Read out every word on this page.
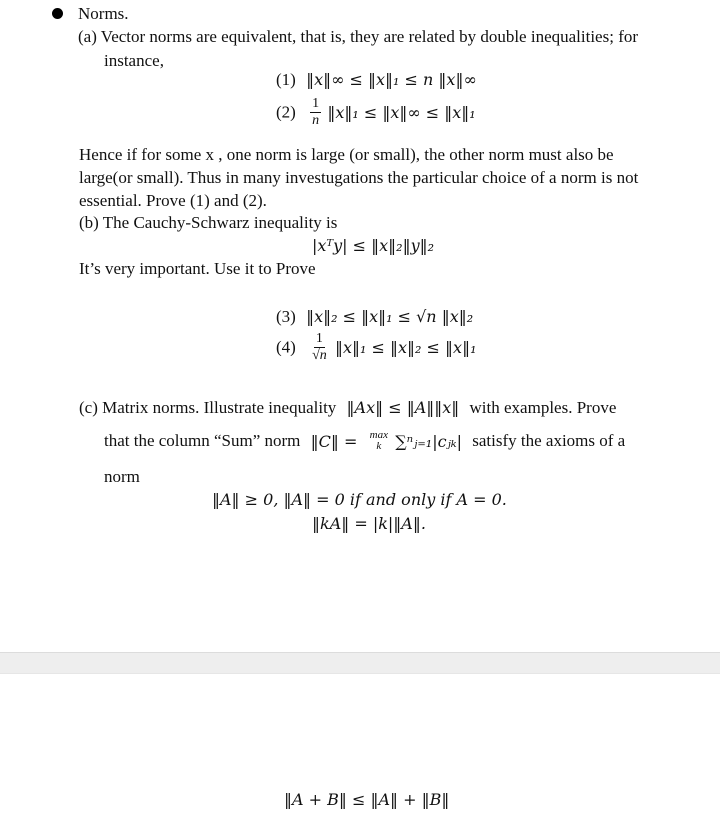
Norms.
(a) Vector norms are equivalent, that is, they are related by double inequalities; for
instance,
(1) ‖x‖∞ ≤ ‖x‖₁ ≤ n ‖x‖∞
$(2) \frac{1}{n}$ ‖x‖₁ ≤ ‖x‖∞ ≤ ‖x‖₁
Hence if for some x , one norm is large (or small), the other norm must also be
large(or small). Thus in many investugations the particular choice of a norm is not
essential. Prove (1) and (2).
(b) The Cauchy-Schwarz inequality is
|xᵀy| ≤ ‖x‖₂‖y‖₂
It’s very important. Use it to Prove
(3) ‖x‖₂ ≤ ‖x‖₁ ≤ √n ‖x‖₂
$(4) \frac{1}{√n}$ ‖x‖₁ ≤ ‖x‖₂ ≤ ‖x‖₁
(c) Matrix norms. Illustrate inequality ‖Ax‖ ≤ ‖A‖‖x‖ with examples. Prove
that the column “Sum” norm ‖C‖ = max
k ∑ⁿⱼ₌₁|cⱼₖ| satisfy the axioms of a
norm
‖A‖ ≥ 0, ‖A‖ = 0 if and only if A = 0.
‖kA‖ = |k|‖A‖.
‖A + B‖ ≤ ‖A‖ + ‖B‖
